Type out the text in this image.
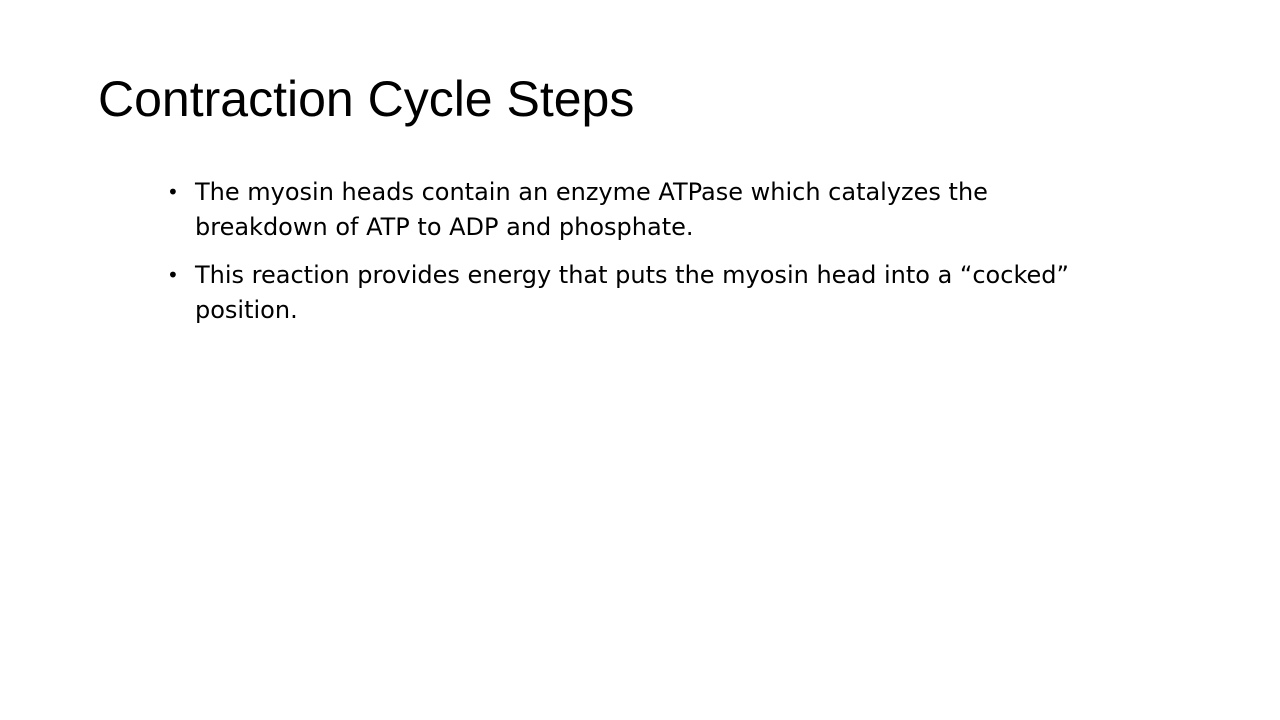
Contraction Cycle Steps
• The myosin heads contain an enzyme ATPase which catalyzes the breakdown of ATP to ADP and phosphate.
• This reaction provides energy that puts the myosin head into a “cocked” position.
